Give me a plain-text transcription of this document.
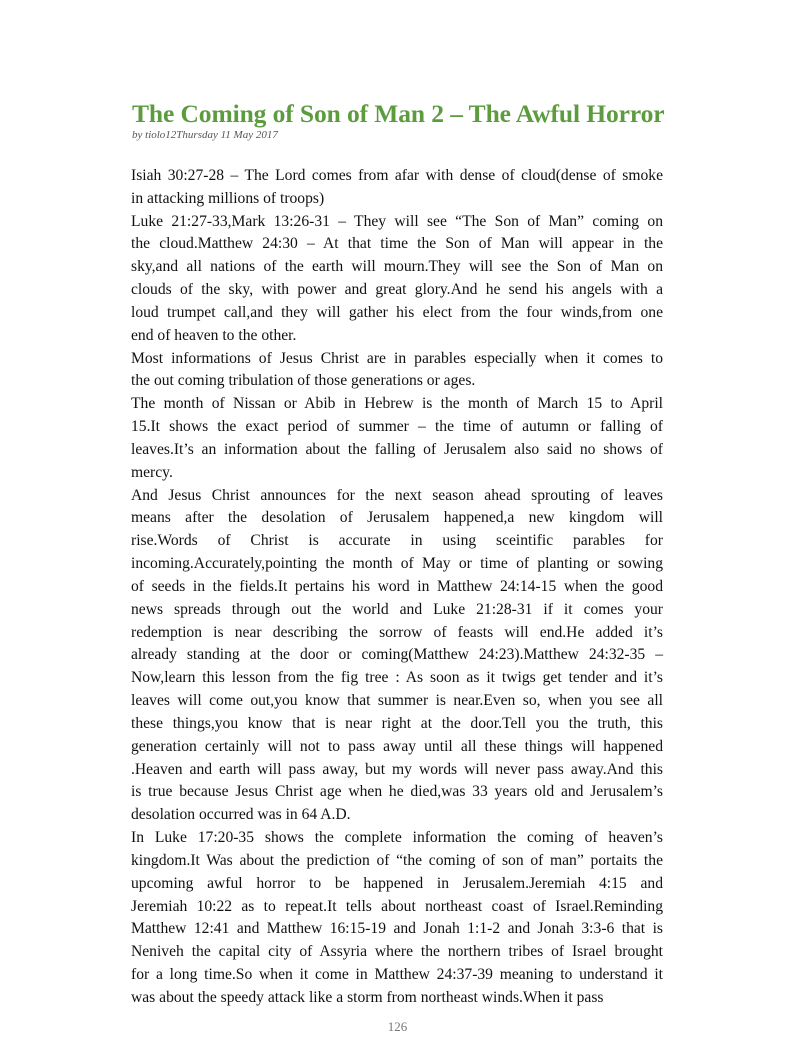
The Coming of Son of Man 2 – The Awful Horror
by tiolo12Thursday 11 May 2017
Isiah 30:27-28 – The Lord comes from afar with dense of cloud(dense of smoke
in attacking millions of troops)
Luke 21:27-33,Mark 13:26-31 – They will see “The Son of Man” coming on
the cloud.Matthew 24:30 – At that time the Son of Man will appear in the
sky,and all nations of the earth will mourn.They will see the Son of Man on
clouds of the sky, with power and great glory.And he send his angels with a
loud trumpet call,and they will gather his elect from the four winds,from one
end of heaven to the other.
Most informations of Jesus Christ are in parables especially when it comes to
the out coming tribulation of those generations or ages.
The month of Nissan or Abib in Hebrew is the month of March 15 to April
15.It shows the exact period of summer – the time of autumn or falling of
leaves.It’s an information about the falling of Jerusalem also said no shows of
mercy.
And Jesus Christ announces for the next season ahead sprouting of leaves
means after the desolation of Jerusalem happened,a new kingdom will
rise.Words of Christ is accurate in using sceintific parables for
incoming.Accurately,pointing the month of May or time of planting or sowing
of seeds in the fields.It pertains his word in Matthew 24:14-15 when the good
news spreads through out the world and Luke 21:28-31 if it comes your
redemption is near describing the sorrow of feasts will end.He added it’s
already standing at the door or coming(Matthew 24:23).Matthew 24:32-35 –
Now,learn this lesson from the fig tree : As soon as it twigs get tender and it’s
leaves will come out,you know that summer is near.Even so, when you see all
these things,you know that is near right at the door.Tell you the truth, this
generation certainly will not to pass away until all these things will happened
.Heaven and earth will pass away, but my words will never pass away.And this
is true because Jesus Christ age when he died,was 33 years old and Jerusalem’s
desolation occurred was in 64 A.D.
In Luke 17:20-35 shows the complete information the coming of heaven’s
kingdom.It Was about the prediction of “the coming of son of man” portaits the
upcoming awful horror to be happened in Jerusalem.Jeremiah 4:15 and
Jeremiah 10:22 as to repeat.It tells about northeast coast of Israel.Reminding
Matthew 12:41 and Matthew 16:15-19 and Jonah 1:1-2 and Jonah 3:3-6 that is
Neniveh the capital city of Assyria where the northern tribes of Israel brought
for a long time.So when it come in Matthew 24:37-39 meaning to understand it
was about the speedy attack like a storm from northeast winds.When it pass
126
